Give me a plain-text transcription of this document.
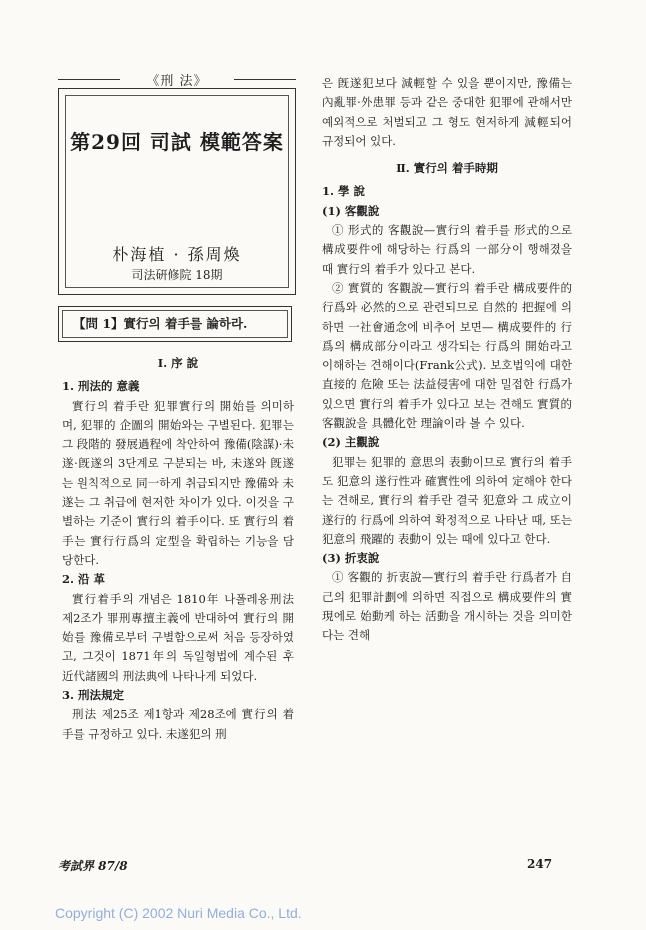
《刑 法》
第29回 司試 模範答案
朴海植 · 孫周煥
司法硏修院 18期
【問 1】實行의 着手를 論하라.

Ⅰ. 序 說

1. 刑法的 意義

實行의 着手란 犯罪實行의 開始를 의미하며, 犯罪的 企圖의 開始와는 구별된다. 犯罪는 그 段階的 發展過程에 착안하여 豫備(陰謀)·未遂·旣遂의 3단계로 구분되는 바, 未遂와 旣遂는 원칙적으로 同一하게 취급되지만 豫備와 未遂는 그 취급에 현저한 차이가 있다. 이것을 구별하는 기준이 實行의 着手이다. 또 實行의 着手는 實行行爲의 定型을 확립하는 기능을 담당한다.

2. 沿 革

實行着手의 개념은 1810年 나폴레옹刑法 제2조가 罪刑專擅主義에 반대하여 實行의 開始를 豫備로부터 구별함으로써 처음 등장하였고, 그것이 1871年의 독일형법에 계수된 후 近代諸國의 刑法典에 나타나게 되었다.

3. 刑法規定

刑法 제25조 제1항과 제28조에 實行의 着手를 규정하고 있다. 未遂犯의 刑

은 旣遂犯보다 減輕할 수 있을 뿐이지만, 豫備는 內亂罪·外患罪 등과 같은 중대한 犯罪에 관해서만 예외적으로 처벌되고 그 형도 현저하게 減輕되어 규정되어 있다.

Ⅱ. 實行의 着手時期

1. 學 說

(1) 客觀說

① 形式的 客觀說—實行의 着手를 形式的으로 構成要件에 해당하는 行爲의 一部分이 행해졌을 때 實行의 着手가 있다고 본다.

② 實質的 客觀說—實行의 着手란 構成要件的 行爲와 必然的으로 관련되므로 自然的 把握에 의하면 一社會通念에 비추어 보면— 構成要件的 行爲의 構成部分이라고 생각되는 行爲의 開始라고 이해하는 견해이다(Frank公式). 보호법익에 대한 直接的 危險 또는 法益侵害에 대한 밀접한 行爲가 있으면 實行의 着手가 있다고 보는 견해도 實質的 客觀說을 具體化한 理論이라 볼 수 있다.

(2) 主觀說

犯罪는 犯罪的 意思의 表動이므로 實行의 着手도 犯意의 遂行性과 確實性에 의하여 定해야 한다는 견해로, 實行의 着手란 결국 犯意와 그 成立이 遂行的 行爲에 의하여 확정적으로 나타난 때, 또는 犯意의 飛躍的 表動이 있는 때에 있다고 한다.

(3) 折衷說

① 客觀的 折衷說—實行의 着手란 行爲者가 自己의 犯罪計劃에 의하면 직접으로 構成要件의 實現에로 始動케 하는 活動을 개시하는 것을 의미한다는 견해

考試界 87/8	247
Copyright (C) 2002 Nuri Media Co., Ltd.
